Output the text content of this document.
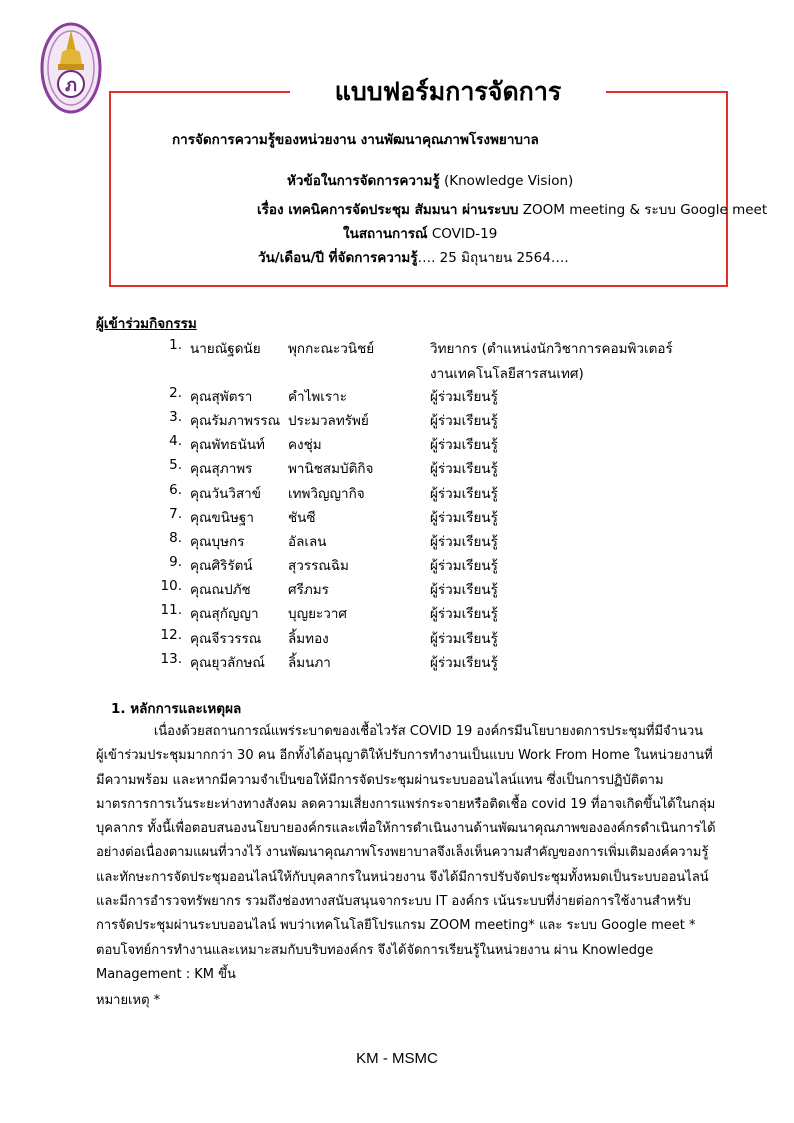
ภ	แบบฟอร์มการจัดการ
การจัดการความรู้ของหน่วยงาน งานพัฒนาคุณภาพโรงพยาบาล
หัวข้อในการจัดการความรู้ (Knowledge Vision)
เรื่อง เทคนิคการจัดประชุม สัมมนา ผ่านระบบ ZOOM meeting & ระบบ Google meet
ในสถานการณ์ COVID-19
วัน/เดือน/ปี ที่จัดการความรู้…. 25 มิถุนายน 2564….
ผู้เข้าร่วมกิจกรรม
1. นายณัฐดนัย พุกกะณะวนิชย์	วิทยากร (ตำแหน่งนักวิชาการคอมพิวเตอร์
งานเทคโนโลยีสารสนเทศ)
2. คุณสุพัตรา	คำไพเราะ	ผู้ร่วมเรียนรู้
3. คุณรัมภาพรรณ ประมวลทรัพย์	ผู้ร่วมเรียนรู้
4. คุณพัทธนันท์ คงชุ่ม	ผู้ร่วมเรียนรู้
5. คุณสุภาพร	พานิชสมบัติกิจ	ผู้ร่วมเรียนรู้
6. คุณวันวิสาข์ เทพวิญญากิจ	ผู้ร่วมเรียนรู้
7. คุณขนิษฐา	ชันซี	ผู้ร่วมเรียนรู้
8. คุณบุษกร	อัลเลน	ผู้ร่วมเรียนรู้
9. คุณศิริรัตน์	สุวรรณฉิม	ผู้ร่วมเรียนรู้
10. คุณณปภัช	ศรีภมร	ผู้ร่วมเรียนรู้
11. คุณสุกัญญา บุญยะวาศ	ผู้ร่วมเรียนรู้
12. คุณจีรวรรณ ลิ้มทอง	ผู้ร่วมเรียนรู้
13. คุณยุวลักษณ์ ลิ้มนภา	ผู้ร่วมเรียนรู้
1. หลักการและเหตุผล
เนื่องด้วยสถานการณ์แพร่ระบาดของเชื้อไวรัส COVID 19 องค์กรมีนโยบายงดการประชุมที่มีจำนวน
ผู้เข้าร่วมประชุมมากกว่า 30 คน อีกทั้งได้อนุญาติให้ปรับการทำงานเป็นแบบ Work From Home ในหน่วยงานที่
มีความพร้อม และหากมีความจำเป็นขอให้มีการจัดประชุมผ่านระบบออนไลน์แทน ซึ่งเป็นการปฏิบัติตาม
มาตรการการเว้นระยะห่างทางสังคม ลดความเสี่ยงการแพร่กระจายหรือติดเชื้อ covid 19 ที่อาจเกิดขึ้นได้ในกลุ่ม
บุคลากร ทั้งนี้เพื่อตอบสนองนโยบายองค์กรและเพื่อให้การดำเนินงานด้านพัฒนาคุณภาพขององค์กรดำเนินการได้
อย่างต่อเนื่องตามแผนที่วางไว้ งานพัฒนาคุณภาพโรงพยาบาลจึงเล็งเห็นความสำคัญของการเพิ่มเติมองค์ความรู้
และทักษะการจัดประชุมออนไลน์ให้กับบุคลากรในหน่วยงาน จึงได้มีการปรับจัดประชุมทั้งหมดเป็นระบบออนไลน์
และมีการอำรวจทรัพยากร รวมถึงช่องทางสนับสนุนจากระบบ IT องค์กร เน้นระบบที่ง่ายต่อการใช้งานสำหรับ
การจัดประชุมผ่านระบบออนไลน์ พบว่าเทคโนโลยีโปรแกรม ZOOM meeting* และ ระบบ Google meet *
ตอบโจทย์การทำงานและเหมาะสมกับบริบทองค์กร จึงได้จัดการเรียนรู้ในหน่วยงาน ผ่าน Knowledge
Management : KM ขึ้น
หมายเหตุ *
KM - MSMC
